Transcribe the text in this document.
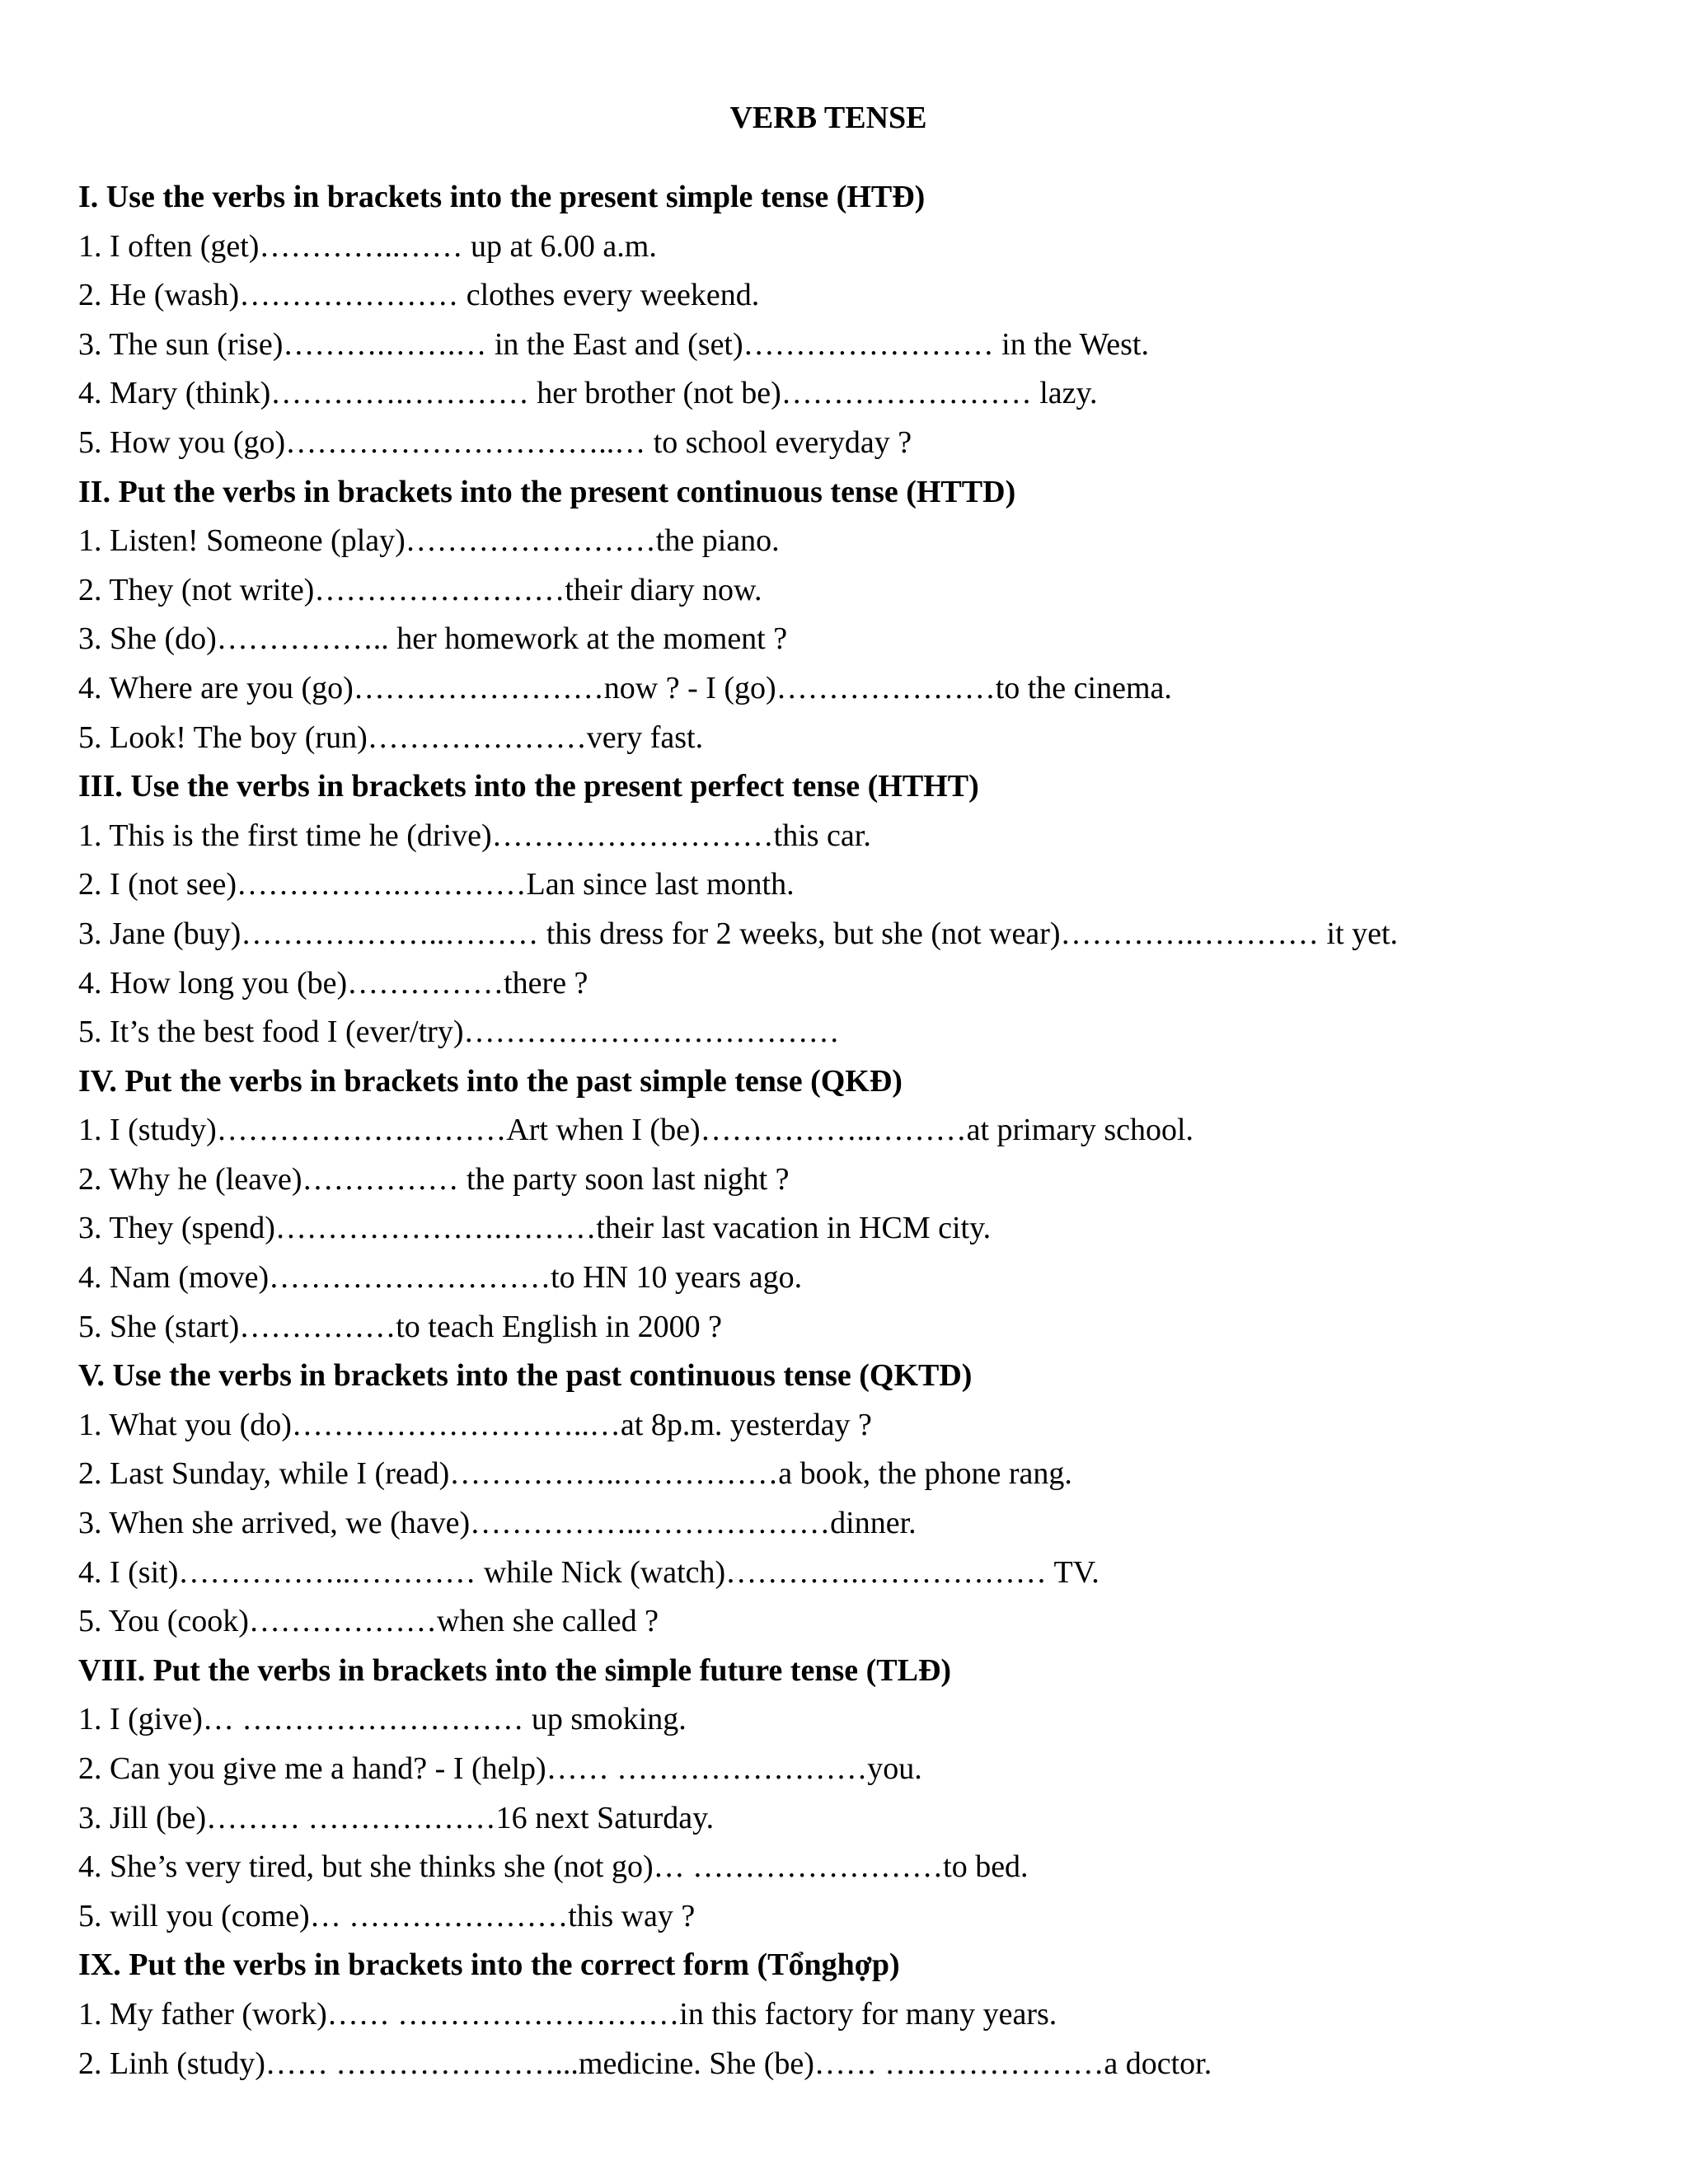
VERB TENSE
I. Use the verbs in brackets into the present simple tense (HTĐ)
1. I often (get)…………..…… up at 6.00 a.m.
2. He (wash)………………… clothes every weekend.
3. The sun (rise)……….…….… in the East and (set)…………………… in the West.
4. Mary (think)………….………… her brother (not be)…………………… lazy.
5. How you (go)…………………………..… to school everyday ?
II. Put the verbs in brackets into the present continuous tense (HTTD)
1. Listen! Someone (play)……………………the piano.
2. They (not write)……………………their diary now.
3. She (do)…………….. her homework at the moment ?
4. Where are you (go)……………………now ? - I (go)…………………to the cinema.
5. Look! The boy (run)…………………very fast.
III. Use the verbs in brackets into the present perfect tense (HTHT)
1. This is the first time he (drive)………………………this car.
2. I (not see)…………….…………Lan since last month.
3. Jane (buy)………………..……… this dress for 2 weeks, but she (not wear)………….………… it yet.
4. How long you (be)……………there ?
5. It’s the best food I (ever/try)………………………………
IV. Put the verbs in brackets into the past simple tense (QKĐ)
1. I (study)……………….………Art when I (be)……………..………at primary school.
2. Why he (leave)…………… the party soon last night ?
3. They (spend)………………….………their last vacation in HCM city.
4. Nam (move)………………………to HN 10 years ago.
5. She (start)……………to teach English in 2000 ?
V. Use the verbs in brackets into the past continuous tense (QKTD)
1. What you (do)………………………..…at 8p.m. yesterday ?
2. Last Sunday, while I (read)……………..……………a book, the phone rang.
3. When she arrived, we (have)……………..………………dinner.
4. I (sit)……………..………… while Nick (watch)………….……………… TV.
5. You (cook)………………when she called ?
VIII. Put the verbs in brackets into the simple future tense (TLĐ)
1. I (give)… ……………………… up smoking.
2. Can you give me a hand? - I (help)…… ……………………you.
3. Jill (be)……… ………………16 next Saturday.
4. She’s very tired, but she thinks she (not go)… ……………………to bed.
5. will you (come)… …………………this way ?
IX. Put the verbs in brackets into the correct form (Tổnghợp)
1. My father (work)…… ………………………in this factory for many years.
2. Linh (study)…… …………………...medicine. She (be)…… …………………a doctor.
